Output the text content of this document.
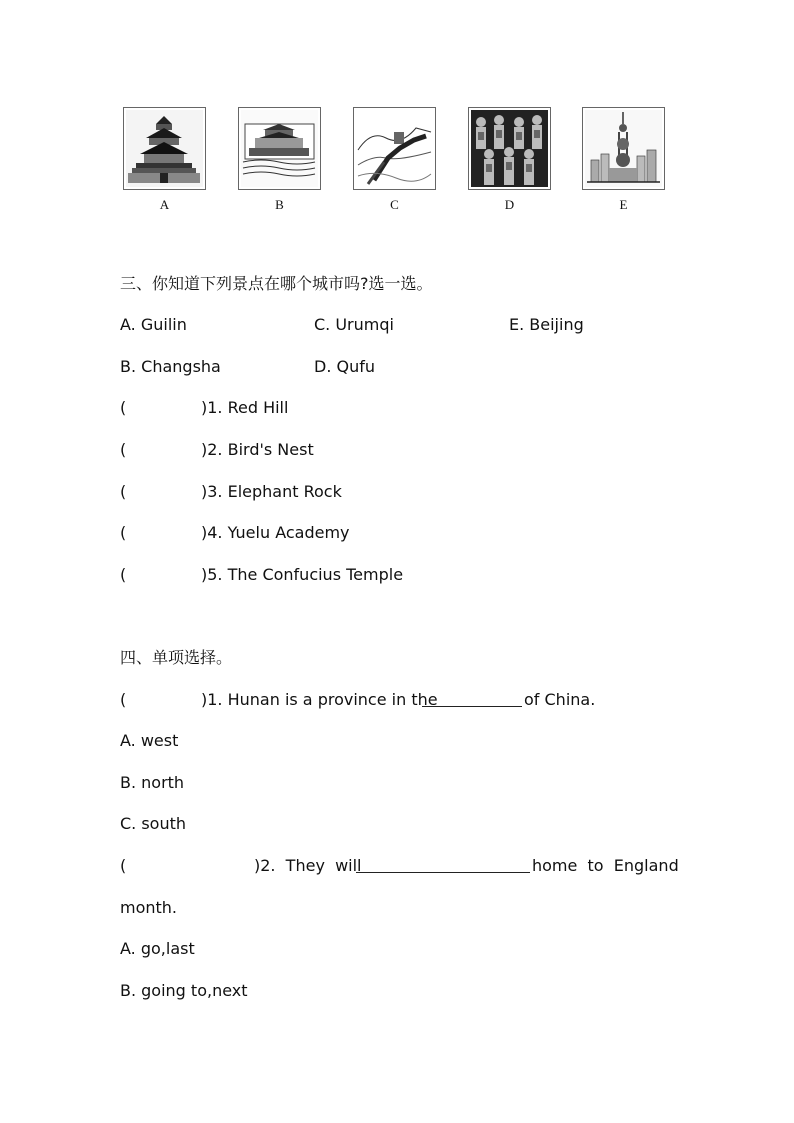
A	B	C	D	E
三、你知道下列景点在哪个城市吗?选一选。
A. Guilin	C. Urumqi	E. Beijing
B. Changsha	D. Qufu
(	)1. Red Hill
(	)2. Bird's Nest
(	)3. Elephant Rock
(	)4. Yuelu Academy
(	)5. The Confucius Temple
四、单项选择。
(	)1. Hunan is a province in the	of China.
A. west
B. north
C. south
(	)2.  They  will	home  to  England
month.
A. go,last
B. going to,next
